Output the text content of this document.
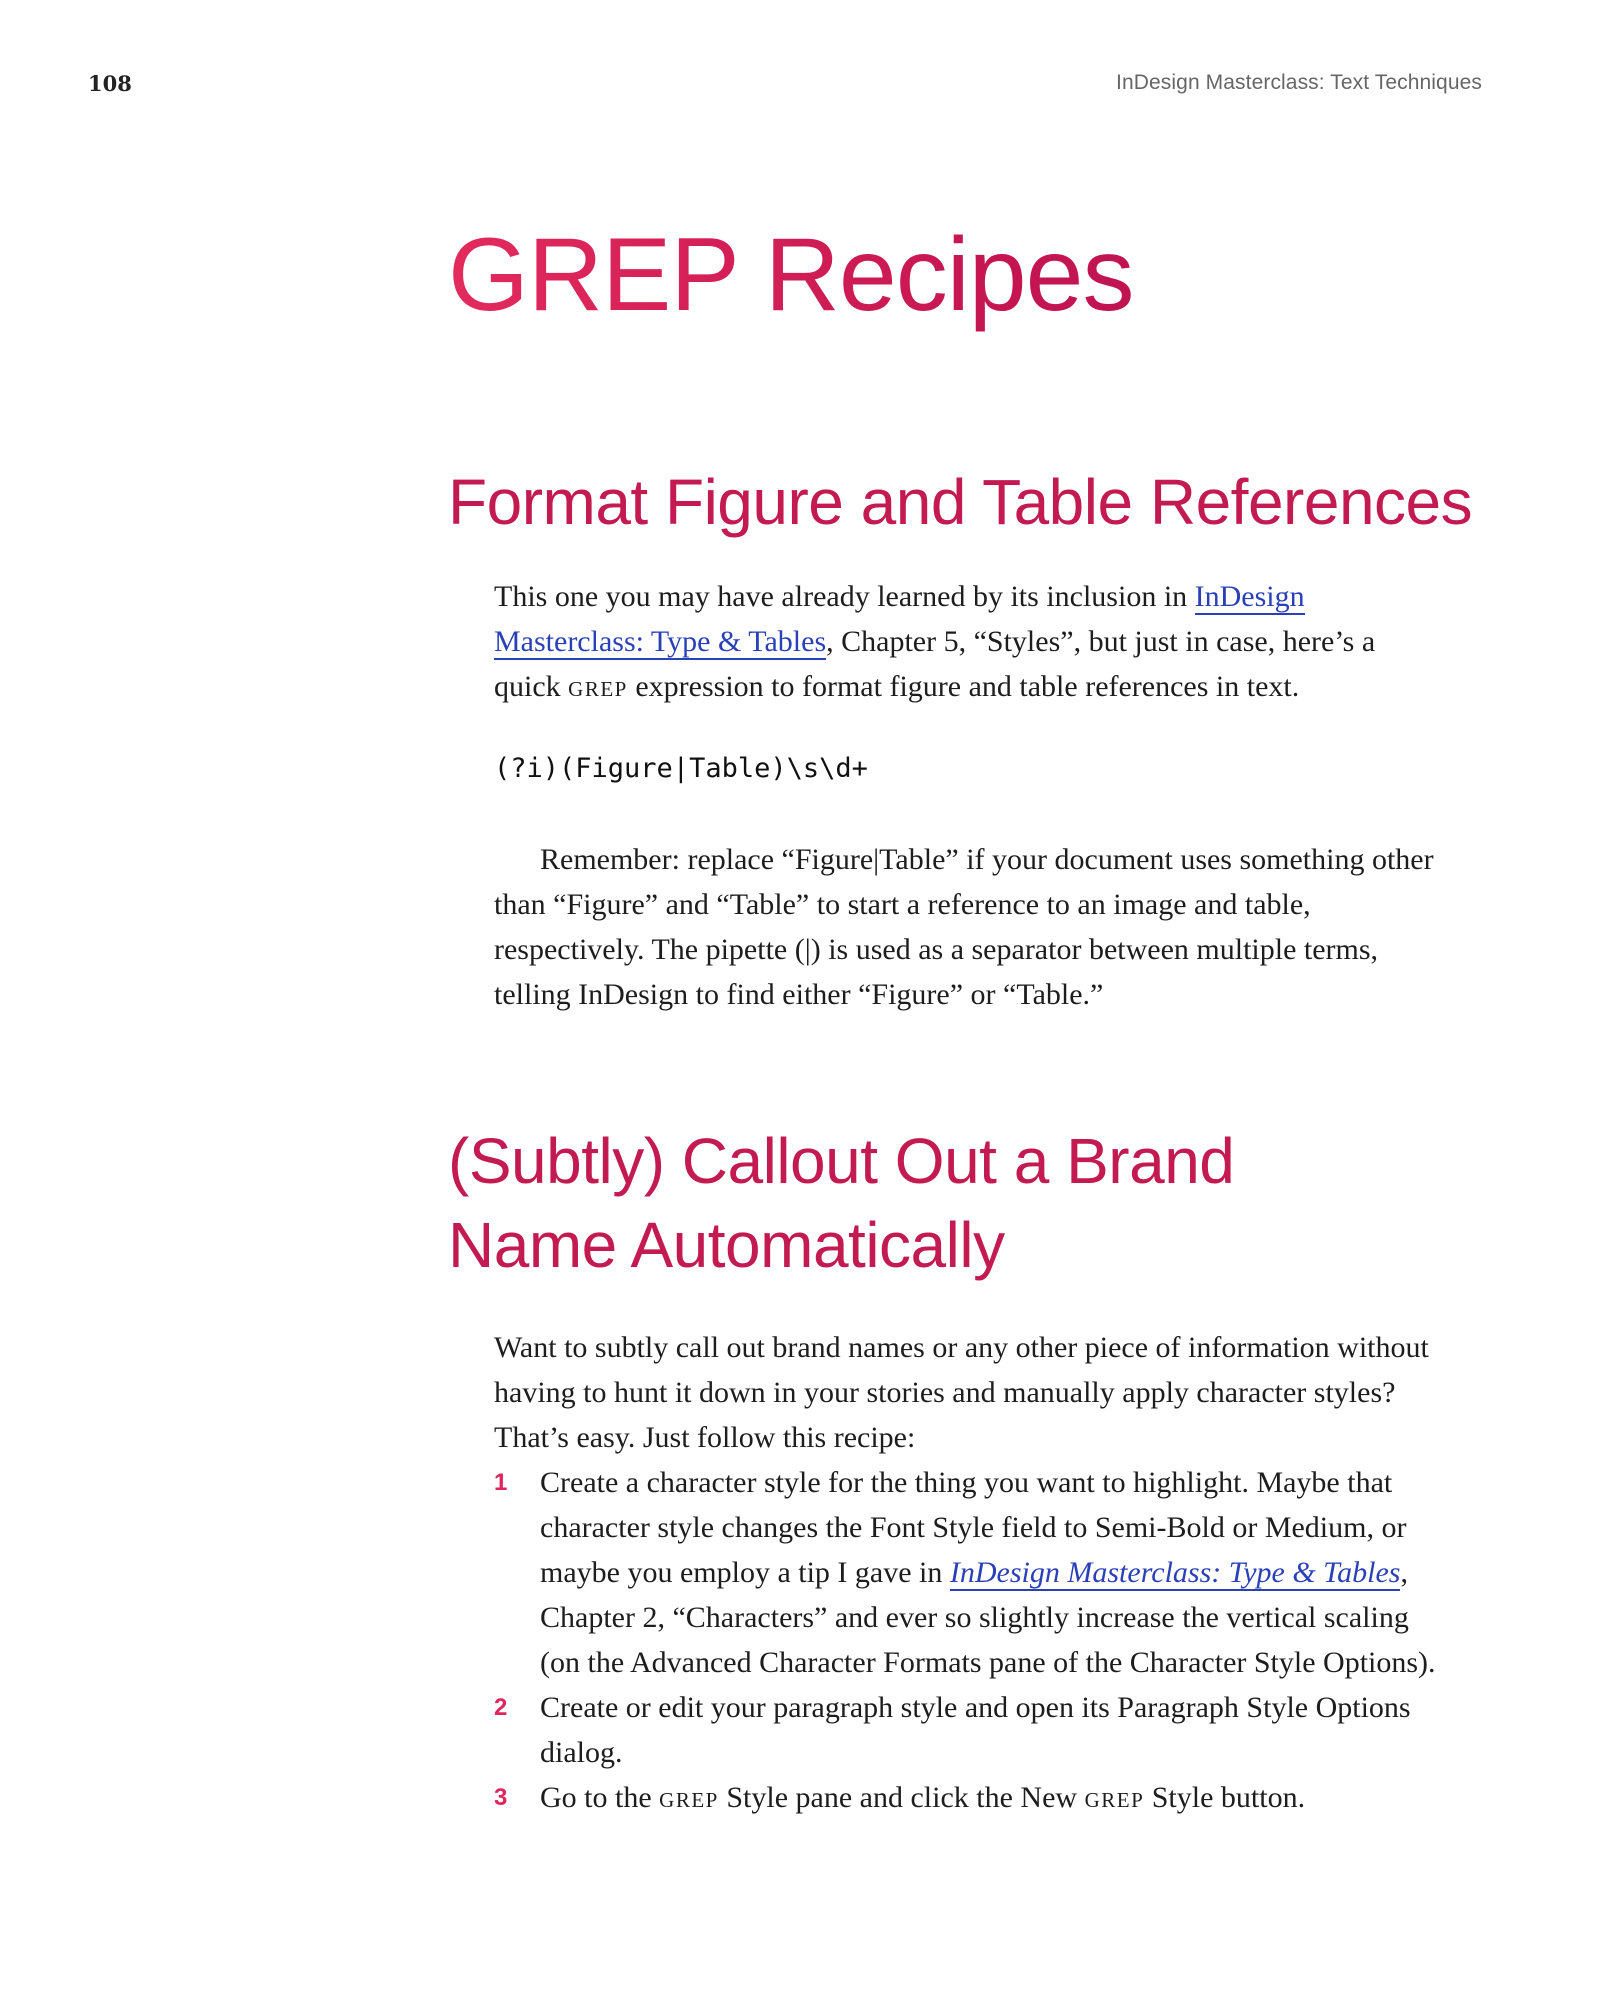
108	InDesign Masterclass: Text Techniques
GREP Recipes
Format Figure and Table References

This one you may have already learned by its inclusion in InDesign Masterclass: Type & Tables, Chapter 5, “Styles”, but just in case, here’s a quick grep expression to format figure and table references in text.

(?i)(Figure|Table)\s\d+

Remember: replace “Figure|Table” if your document uses something other than “Figure” and “Table” to start a reference to an image and table, respectively. The pipette (|) is used as a separator between multiple terms, telling InDesign to find either “Figure” or “Table.”

(Subtly) Callout Out a Brand Name Automatically

Want to subtly call out brand names or any other piece of information without having to hunt it down in your stories and manually apply character styles? That’s easy. Just follow this recipe:

1	Create a character style for the thing you want to highlight. Maybe that character style changes the Font Style field to Semi-Bold or Medium, or maybe you employ a tip I gave in InDesign Masterclass: Type & Tables, Chapter 2, “Characters” and ever so slightly increase the vertical scaling (on the Advanced Character Formats pane of the Character Style Options).
2	Create or edit your paragraph style and open its Paragraph Style Options dialog.
3	Go to the grep Style pane and click the New grep Style button.
